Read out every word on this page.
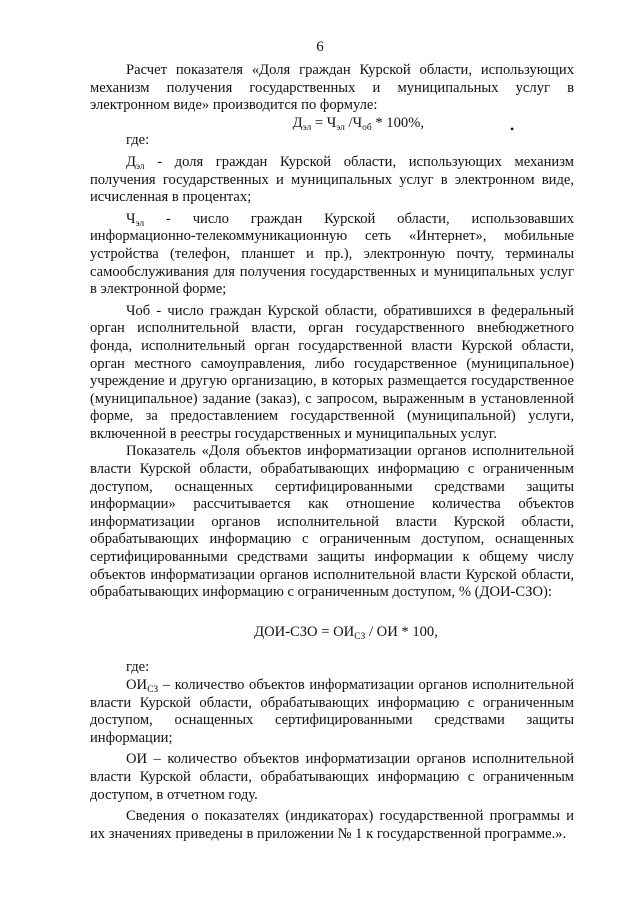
6
•

Расчет показателя «Доля граждан Курской области, использующих механизм получения государственных и муниципальных услуг в электронном виде» производится по формуле:

$Д_{эл} = Ч_{эл}$ $/Ч_{об} * 100\%$,

где:

$Д_{эл}$ - доля граждан Курской области, использующих механизм получения государственных и муниципальных услуг в электронном виде, исчисленная в процентах;

$Ч_{эл}$ - число граждан Курской области, использовавших информационно-телекоммуникационную сеть «Интернет», мобильные устройства (телефон, планшет и пр.), электронную почту, терминалы самообслуживания для получения государственных и муниципальных услуг в электронной форме;

Чоб - число граждан Курской области, обратившихся в федеральный орган исполнительной власти, орган государственного внебюджетного фонда, исполнительный орган государственной власти Курской области, орган местного самоуправления, либо государственное (муниципальное) учреждение и другую организацию, в которых размещается государственное (муниципальное) задание (заказ), с запросом, выраженным в установленной форме, за предоставлением государственной (муниципальной) услуги, включенной в реестры государственных и муниципальных услуг.

Показатель «Доля объектов информатизации органов исполнительной власти Курской области, обрабатывающих информацию с ограниченным доступом, оснащенных сертифицированными средствами защиты информации» рассчитывается как отношение количества объектов информатизации органов исполнительной власти Курской области, обрабатывающих информацию с ограниченным доступом, оснащенных сертифицированными средствами защиты информации к общему числу объектов информатизации органов исполнительной власти Курской области, обрабатывающих информацию с ограниченным доступом, % (ДОИ-СЗО):

$ДОИ-СЗО = ОИ_{СЗ}$ / ОИ * 100,

где:

$ОИ_{СЗ}$ – количество объектов информатизации органов исполнительной власти Курской области, обрабатывающих информацию с ограниченным доступом, оснащенных сертифицированными средствами защиты информации;

ОИ – количество объектов информатизации органов исполнительной власти Курской области, обрабатывающих информацию с ограниченным доступом, в отчетном году.

Сведения о показателях (индикаторах) государственной программы и их значениях приведены в приложении № 1 к государственной программе.».
